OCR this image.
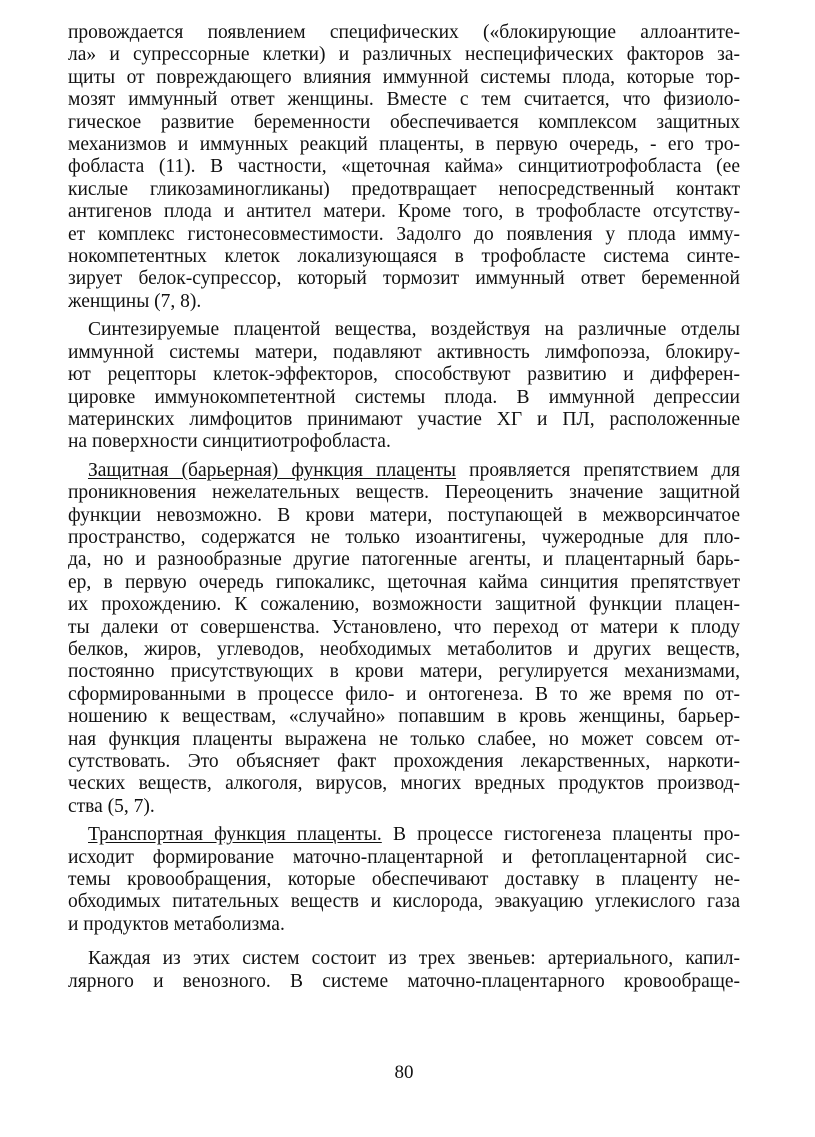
провождается появлением специфических («блокирующие аллоантите-
ла» и супрессорные клетки) и различных неспецифических факторов за-
щиты от повреждающего влияния иммунной системы плода, которые тор-
мозят иммунный ответ женщины. Вместе с тем считается, что физиоло-
гическое развитие беременности обеспечивается комплексом защитных
механизмов и иммунных реакций плаценты, в первую очередь, - его тро-
фобласта (11). В частности, «щеточная кайма» синцитиотрофобласта (ее
кислые гликозаминогликаны) предотвращает непосредственный контакт
антигенов плода и антител матери. Кроме того, в трофобласте отсутству-
ет комплекс гистонесовместимости. Задолго до появления у плода имму-
нокомпетентных клеток локализующаяся в трофобласте система синте-
зирует белок-супрессор, который тормозит иммунный ответ беременной
женщины (7, 8).
Синтезируемые плацентой вещества, воздействуя на различные отделы
иммунной системы матери, подавляют активность лимфопоэза, блокиру-
ют рецепторы клеток-эффекторов, способствуют развитию и дифферен-
цировке иммунокомпетентной системы плода. В иммунной депрессии
материнских лимфоцитов принимают участие ХГ и ПЛ, расположенные
на поверхности синцитиотрофобласта.
Защитная (барьерная) функция плаценты проявляется препятствием для
проникновения нежелательных веществ. Переоценить значение защитной
функции невозможно. В крови матери, поступающей в межворсинчатое
пространство, содержатся не только изоантигены, чужеродные для пло-
да, но и разнообразные другие патогенные агенты, и плацентарный барь-
ер, в первую очередь гипокаликс, щеточная кайма синцития препятствует
их прохождению. К сожалению, возможности защитной функции плацен-
ты далеки от совершенства. Установлено, что переход от матери к плоду
белков, жиров, углеводов, необходимых метаболитов и других веществ,
постоянно присутствующих в крови матери, регулируется механизмами,
сформированными в процессе фило- и онтогенеза. В то же время по от-
ношению к веществам, «случайно» попавшим в кровь женщины, барьер-
ная функция плаценты выражена не только слабее, но может совсем от-
сутствовать. Это объясняет факт прохождения лекарственных, наркоти-
ческих веществ, алкоголя, вирусов, многих вредных продуктов производ-
ства (5, 7).
Транспортная функция плаценты. В процессе гистогенеза плаценты про-
исходит формирование маточно-плацентарной и фетоплацентарной сис-
темы кровообращения, которые обеспечивают доставку в плаценту не-
обходимых питательных веществ и кислорода, эвакуацию углекислого газа
и продуктов метаболизма.
Каждая из этих систем состоит из трех звеньев: артериального, капил-
лярного и венозного. В системе маточно-плацентарного кровообраще-
80
